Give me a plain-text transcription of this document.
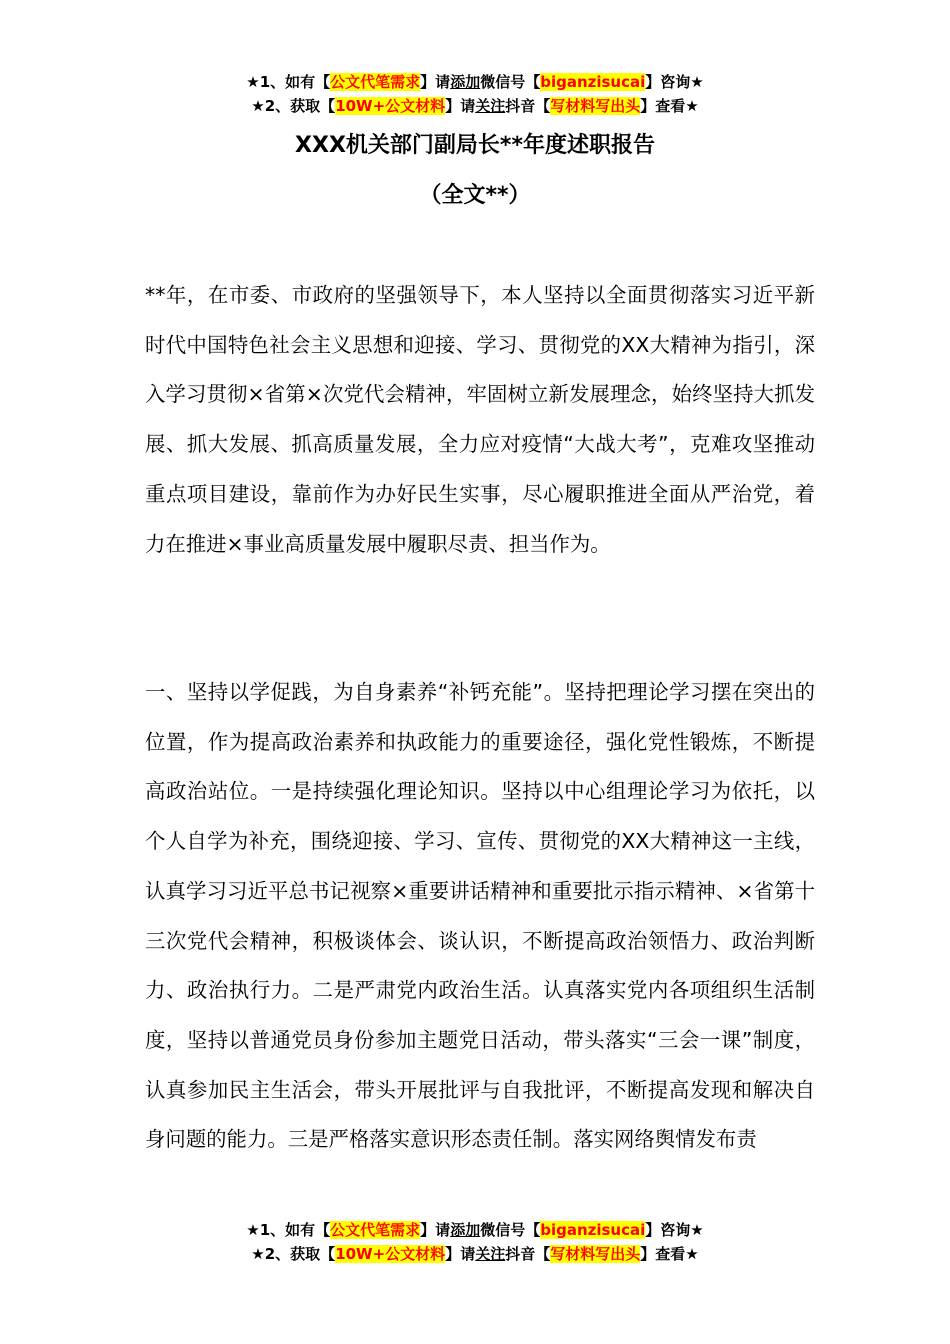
★1、如有【公文代笔需求】请添加微信号【biganzisucai】咨询★
★2、获取【10W+公文材料】请关注抖音【写材料写出头】查看★
XXX机关部门副局长**年度述职报告
（全文**）

**年，在市委、市政府的坚强领导下，本人坚持以全面贯彻落实习近平新时代中国特色社会主义思想和迎接、学习、贯彻党的XX大精神为指引，深入学习贯彻×省第×次党代会精神，牢固树立新发展理念，始终坚持大抓发展、抓大发展、抓高质量发展，全力应对疫情“大战大考”，克难攻坚推动重点项目建设，靠前作为办好民生实事，尽心履职推进全面从严治党，着力在推进×事业高质量发展中履职尽责、担当作为。

一、坚持以学促践，为自身素养“补钙充能”。坚持把理论学习摆在突出的位置，作为提高政治素养和执政能力的重要途径，强化党性锻炼，不断提高政治站位。一是持续强化理论知识。坚持以中心组理论学习为依托，以个人自学为补充，围绕迎接、学习、宣传、贯彻党的XX大精神这一主线，认真学习习近平总书记视察×重要讲话精神和重要批示指示精神、×省第十三次党代会精神，积极谈体会、谈认识，不断提高政治领悟力、政治判断力、政治执行力。二是严肃党内政治生活。认真落实党内各项组织生活制度，坚持以普通党员身份参加主题党日活动，带头落实“三会一课”制度，认真参加民主生活会，带头开展批评与自我批评，不断提高发现和解决自身问题的能力。三是严格落实意识形态责任制。落实网络舆情发布责

★1、如有【公文代笔需求】请添加微信号【biganzisucai】咨询★
★2、获取【10W+公文材料】请关注抖音【写材料写出头】查看★
